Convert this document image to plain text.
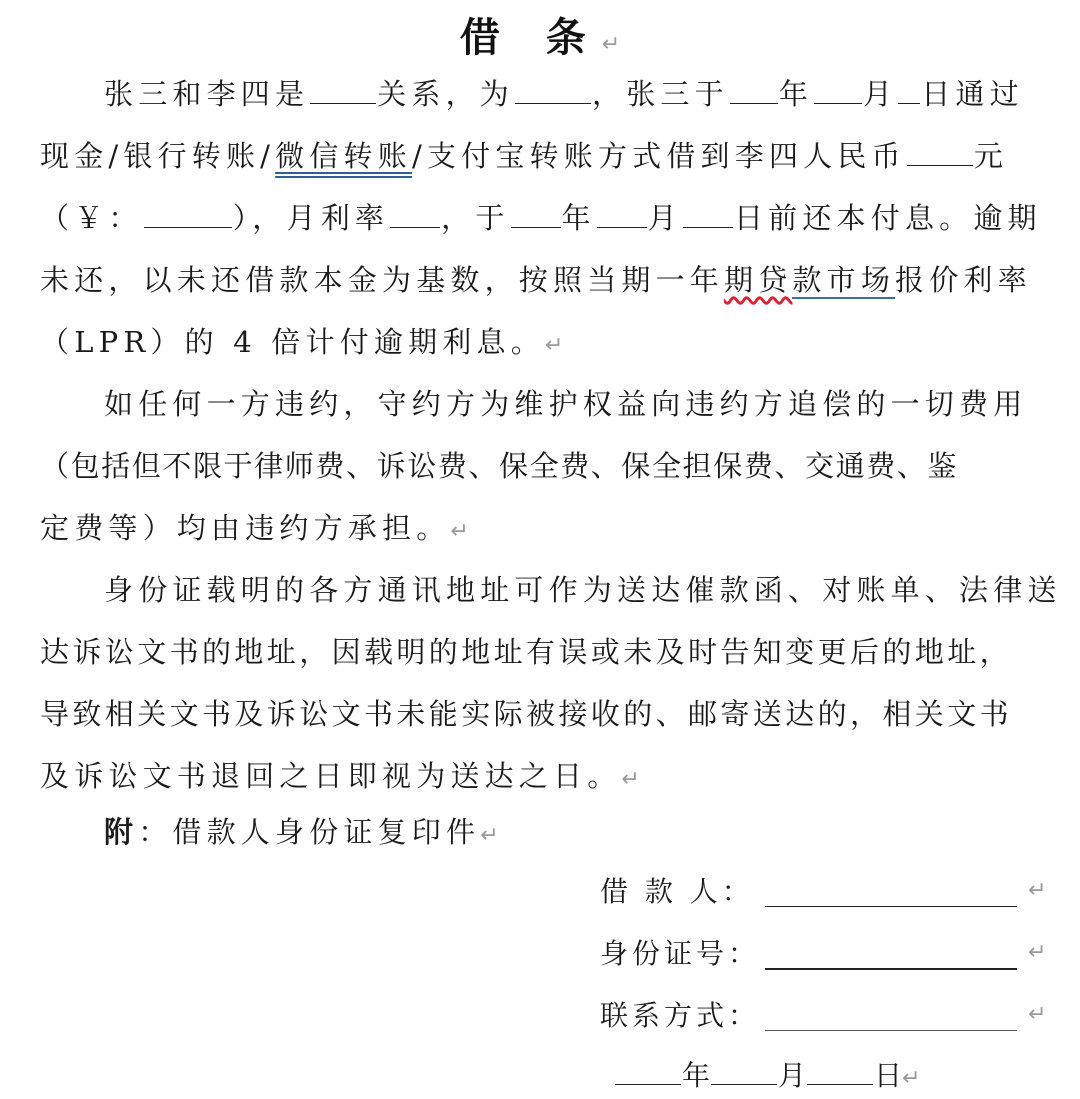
借 条↵
张三和李四是 关系，为	，张三于 年 月 日通过
现金/银行转账/微信转账/支付宝转账方式借到李四人民币 元
（￥：	），月利率 ，于 年 月 日前还本付息。逾期
未还，以未还借款本金为基数，按照当期一年期贷款市场报价利率
（LPR）的 4 倍计付逾期利息。↵
如任何一方违约，守约方为维护权益向违约方追偿的一切费用
（包括但不限于律师费、诉讼费、保全费、保全担保费、交通费、鉴
定费等）均由违约方承担。↵
身份证载明的各方通讯地址可作为送达催款函、对账单、法律送
达诉讼文书的地址，因载明的地址有误或未及时告知变更后的地址，
导致相关文书及诉讼文书未能实际被接收的、邮寄送达的，相关文书
及诉讼文书退回之日即视为送达之日。↵
附：借款人身份证复印件↵
借 款 人：	↵
身份证号：	↵
联系方式：	↵
年 月 日↵
